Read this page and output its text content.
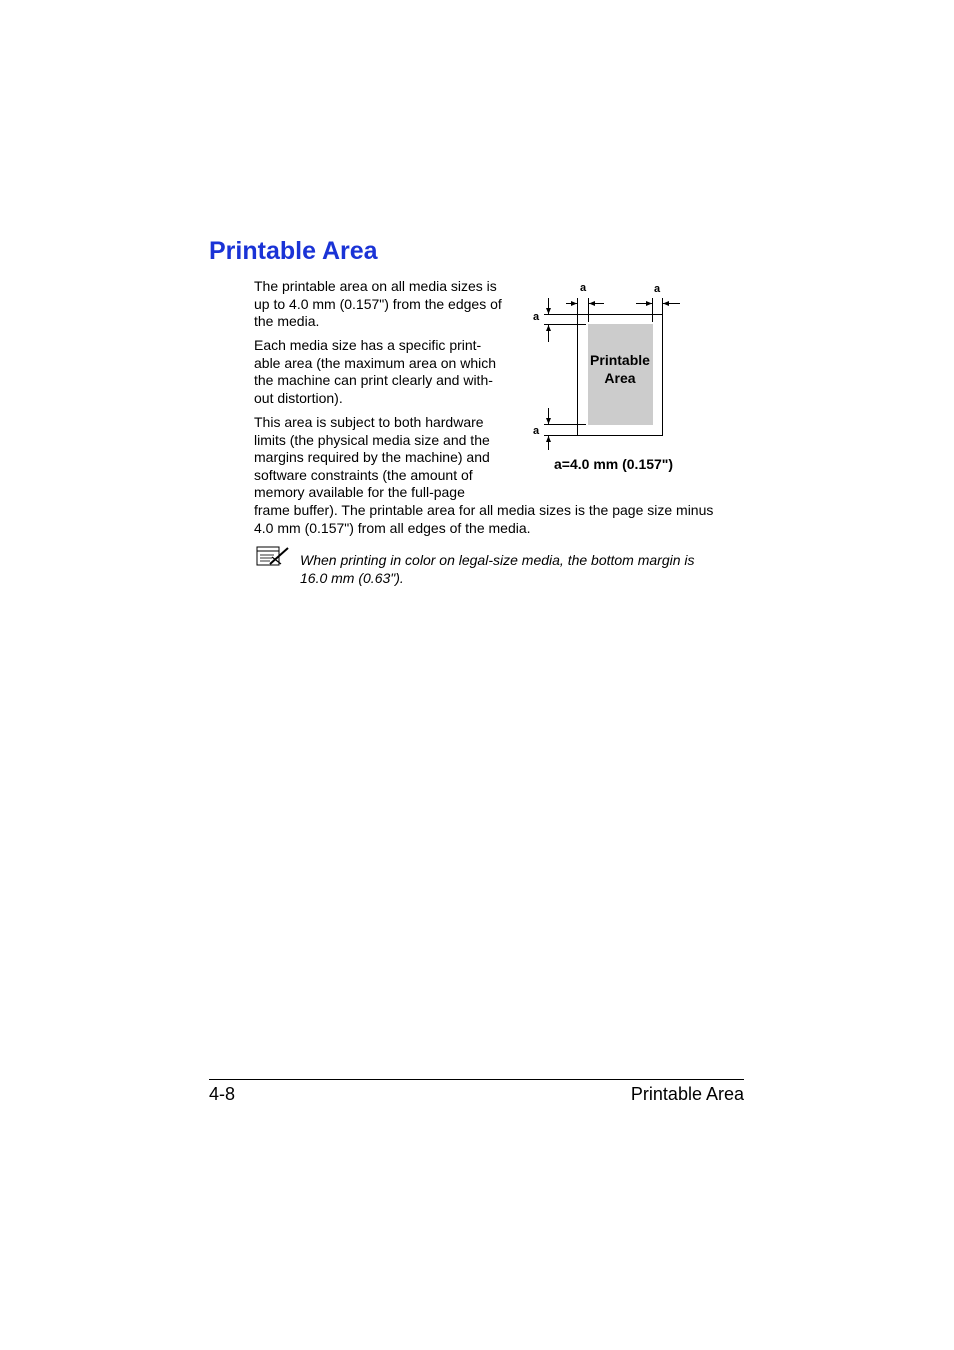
Printable Area

The printable area on all media sizes is up to 4.0 mm (0.157") from the edges of the media.

Each media size has a specific print-able area (the maximum area on which the machine can print clearly and with-out distortion).

This area is subject to both hardware limits (the physical media size and the margins required by the machine) and software constraints (the amount of memory available for the full-page

frame buffer). The printable area for all media sizes is the page size minus 4.0 mm (0.157") from all edges of the media.

Printable
Area
a	a
a
a

a=4.0 mm (0.157")

When printing in color on legal-size media, the bottom margin is 16.0 mm (0.63").

4-8	Printable Area
